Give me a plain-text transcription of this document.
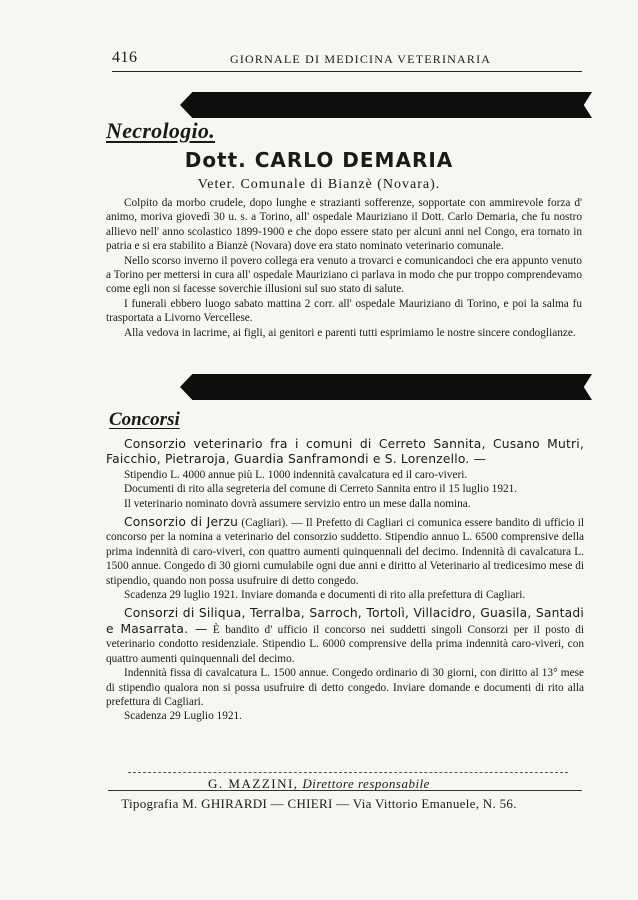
416	GIORNALE DI MEDICINA VETERINARIA
Necrologio.
Dott. CARLO DEMARIA
Veter. Comunale di Bianzè (Novara).

Colpito da morbo crudele, dopo lunghe e strazianti sofferenze, sopportate con ammirevole forza d' animo, moriva giovedì 30 u. s. a Torino, all' ospedale Mauriziano il Dott. Carlo Demaria, che fu nostro allievo nell' anno scolastico 1899-1900 e che dopo essere stato per alcuni anni nel Congo, era tornato in patria e si era stabilito a Bianzè (Novara) dove era stato nominato veterinario comunale.

Nello scorso inverno il povero collega era venuto a trovarci e comunicandoci che era appunto venuto a Torino per mettersi in cura all' ospedale Mauriziano ci parlava in modo che pur troppo comprendevamo come egli non si facesse soverchie illusioni sul suo stato di salute.

I funerali ebbero luogo sabato mattina 2 corr. all' ospedale Mauriziano di Torino, e poi la salma fu trasportata a Livorno Vercellese.

Alla vedova in lacrime, ai figli, ai genitori e parenti tutti esprimiamo le nostre sincere condoglianze.

Concorsi

Consorzio veterinario fra i comuni di Cerreto Sannita, Cusano Mutri, Faicchio, Pietraroja, Guardia Sanframondi e S. Lorenzello. —

Stipendio L. 4000 annue più L. 1000 indennità cavalcatura ed il caro-viveri.

Documenti di rito alla segreteria del comune di Cerreto Sannita entro il 15 luglio 1921.

Il veterinario nominato dovrà assumere servizio entro un mese dalla nomina.

Consorzio di Jerzu (Cagliari). — Il Prefetto di Cagliari ci comunica essere bandito di ufficio il concorso per la nomina a veterinario del consorzio suddetto. Stipendio annuo L. 6500 comprensive della prima indennità di caro-viveri, con quattro aumenti quinquennali del decimo. Indennità di cavalcatura L. 1500 annue. Congedo di 30 giorni cumulabile ogni due anni e diritto al Veterinario al tredicesimo mese di stipendio, quando non possa usufruire di detto congedo.

Scadenza 29 luglio 1921. Inviare domanda e documenti di rito alla prefettura di Cagliari.

Consorzi di Siliqua, Terralba, Sarroch, Tortolì, Villacidro, Guasila, Santadi e Masarrata. — È bandito d' ufficio il concorso nei suddetti singoli Consorzi per il posto di veterinario condotto residenziale. Stipendio L. 6000 comprensive della prima indennità caro-viveri, con quattro aumenti quinquennali del decimo.

Indennità fissa di cavalcatura L. 1500 annue. Congedo ordinario di 30 giorni, con diritto al 13° mese di stipendio qualora non si possa usufruire di detto congedo. Inviare domande e documenti di rito alla prefettura di Cagliari.

Scadenza 29 Luglio 1921.

G. MAZZINI, Direttore responsabile
Tipografia M. GHIRARDI — CHIERI — Via Vittorio Emanuele, N. 56.
